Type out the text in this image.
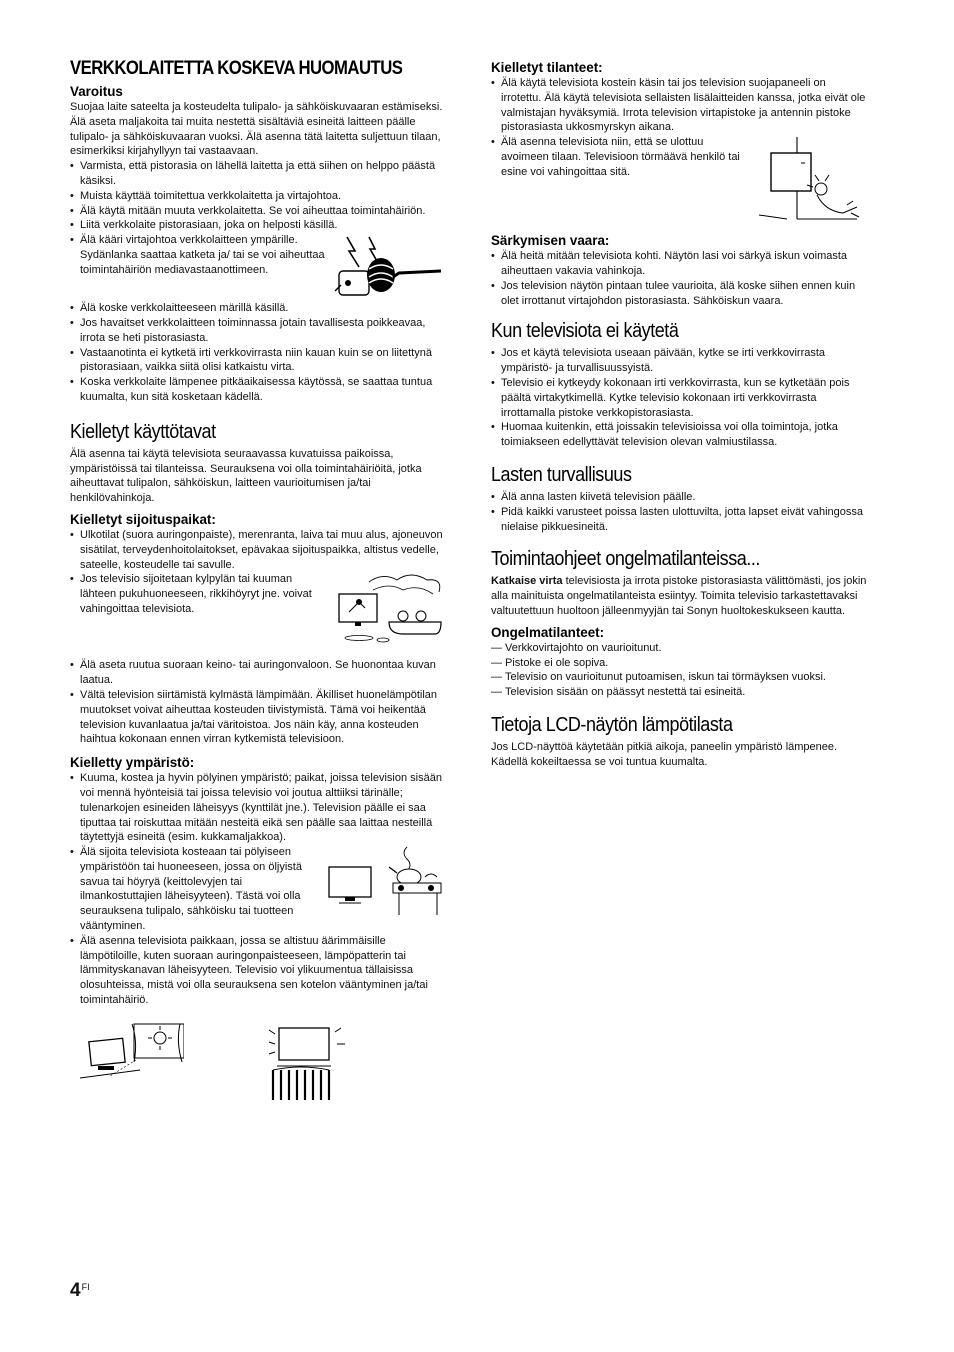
VERKKOLAITETTA KOSKEVA HUOMAUTUS
Varoitus

Suojaa laite sateelta ja kosteudelta tulipalo- ja sähköiskuvaaran estämiseksi.

Älä aseta maljakoita tai muita nestettä sisältäviä esineitä laitteen päälle tulipalo- ja sähköiskuvaaran vuoksi. Älä asenna tätä laitetta suljettuun tilaan, esimerkiksi kirjahyllyyn tai vastaavaan.

• Varmista, että pistorasia on lähellä laitetta ja että siihen on helppo päästä käsiksi.
• Muista käyttää toimitettua verkkolaitetta ja virtajohtoa.
• Älä käytä mitään muuta verkkolaitetta. Se voi aiheuttaa toimintahäiriön.
• Liitä verkkolaite pistorasiaan, joka on helposti käsillä.
• Älä kääri virtajohtoa verkkolaitteen ympärille. Sydänlanka saattaa katketa ja/ tai se voi aiheuttaa toimintahäiriön mediavastaanottimeen.
• Älä koske verkkolaitteeseen märillä käsillä.
• Jos havaitset verkkolaitteen toiminnassa jotain tavallisesta poikkeavaa, irrota se heti pistorasiasta.
• Vastaanotinta ei kytketä irti verkkovirrasta niin kauan kuin se on liitettynä pistorasiaan, vaikka siitä olisi katkaistu virta.
• Koska verkkolaite lämpenee pitkäaikaisessa käytössä, se saattaa tuntua kuumalta, kun sitä kosketaan kädellä.
Kielletyt käyttötavat

Älä asenna tai käytä televisiota seuraavassa kuvatuissa paikoissa, ympäristöissä tai tilanteissa. Seurauksena voi olla toimintahäiriöitä, jotka aiheuttavat tulipalon, sähköiskun, laitteen vaurioitumisen ja/tai henkilövahinkoja.

Kielletyt sijoituspaikat:
• Ulkotilat (suora auringonpaiste), merenranta, laiva tai muu alus, ajoneuvon sisätilat, terveydenhoitolaitokset, epävakaa sijoituspaikka, altistus vedelle, sateelle, kosteudelle tai savulle.
• Jos televisio sijoitetaan kylpylän tai kuuman lähteen pukuhuoneeseen, rikkihöyryt jne. voivat vahingoittaa televisiota.
• Älä aseta ruutua suoraan keino- tai auringonvaloon. Se huonontaa kuvan laatua.
• Vältä television siirtämistä kylmästä lämpimään. Äkilliset huonelämpötilan muutokset voivat aiheuttaa kosteuden tiivistymistä. Tämä voi heikentää television kuvanlaatua ja/tai väritoistoa. Jos näin käy, anna kosteuden haihtua kokonaan ennen virran kytkemistä televisioon.
Kielletty ympäristö:
• Kuuma, kostea ja hyvin pölyinen ympäristö; paikat, joissa television sisään voi mennä hyönteisiä tai joissa televisio voi joutua alttiiksi tärinälle; tulenarkojen esineiden läheisyys (kynttilät jne.). Television päälle ei saa tiputtaa tai roiskuttaa mitään nesteitä eikä sen päälle saa laittaa nesteillä täytettyjä esineitä (esim. kukkamaljakkoa).
• Älä sijoita televisiota kosteaan tai pölyiseen ympäristöön tai huoneeseen, jossa on öljyistä savua tai höyryä (keittolevyjen tai ilmankostuttajien läheisyyteen). Tästä voi olla seurauksena tulipalo, sähköisku tai tuotteen vääntyminen.
• Älä asenna televisiota paikkaan, jossa se altistuu äärimmäisille lämpötiloille, kuten suoraan auringonpaisteeseen, lämpöpatterin tai lämmityskanavan läheisyyteen. Televisio voi ylikuumentua tällaisissa olosuhteissa, mistä voi olla seurauksena sen kotelon vääntyminen ja/tai toimintahäiriö.
Kielletyt tilanteet:
• Älä käytä televisiota kostein käsin tai jos television suojapaneeli on irrotettu. Älä käytä televisiota sellaisten lisälaitteiden kanssa, jotka eivät ole valmistajan hyväksymiä. Irrota television virtapistoke ja antennin pistoke pistorasiasta ukkosmyrskyn aikana.
• Älä asenna televisiota niin, että se ulottuu avoimeen tilaan. Televisioon törmäävä henkilö tai esine voi vahingoittaa sitä.
Särkymisen vaara:
• Älä heitä mitään televisiota kohti. Näytön lasi voi särkyä iskun voimasta aiheuttaen vakavia vahinkoja.
• Jos television näytön pintaan tulee vaurioita, älä koske siihen ennen kuin olet irrottanut virtajohdon pistorasiasta. Sähköiskun vaara.
Kun televisiota ei käytetä
• Jos et käytä televisiota useaan päivään, kytke se irti verkkovirrasta ympäristö- ja turvallisuussyistä.
• Televisio ei kytkeydy kokonaan irti verkkovirrasta, kun se kytketään pois päältä virtakytkimellä. Kytke televisio kokonaan irti verkkovirrasta irrottamalla pistoke verkkopistorasiasta.
• Huomaa kuitenkin, että joissakin televisioissa voi olla toimintoja, jotka toimiakseen edellyttävät television olevan valmiustilassa.
Lasten turvallisuus
• Älä anna lasten kiivetä television päälle.
• Pidä kaikki varusteet poissa lasten ulottuvilta, jotta lapset eivät vahingossa nielaise pikkuesineitä.
Toimintaohjeet ongelmatilanteissa...

Katkaise virta televisiosta ja irrota pistoke pistorasiasta välittömästi, jos jokin alla mainituista ongelmatilanteista esiintyy. Toimita televisio tarkastettavaksi valtuutettuun huoltoon jälleenmyyjän tai Sonyn huoltokeskukseen kautta.

Ongelmatilanteet:
— Verkkovirtajohto on vaurioitunut.
— Pistoke ei ole sopiva.
— Televisio on vaurioitunut putoamisen, iskun tai törmäyksen vuoksi.
— Television sisään on päässyt nestettä tai esineitä.
Tietoja LCD-näytön lämpötilasta

Jos LCD-näyttöä käytetään pitkiä aikoja, paneelin ympäristö lämpenee. Kädellä kokeiltaessa se voi tuntua kuumalta.

$4^{FI}$
